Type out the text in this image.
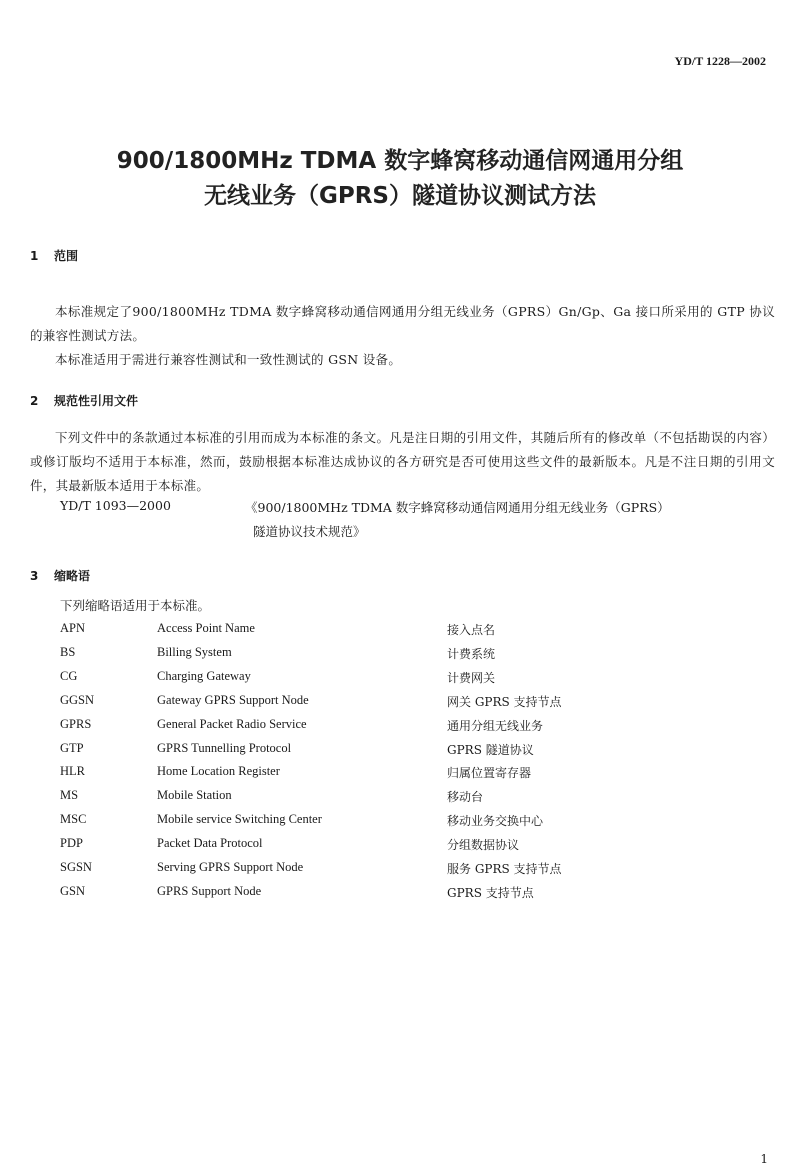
YD/T 1228—2002
900/1800MHz TDMA 数字蜂窝移动通信网通用分组
无线业务（GPRS）隧道协议测试方法
1 范围
本标准规定了900/1800MHz TDMA 数字蜂窝移动通信网通用分组无线业务（GPRS）Gn/Gp、Ga 接口所采用的 GTP 协议的兼容性测试方法。
本标准适用于需进行兼容性测试和一致性测试的 GSN 设备。
2 规范性引用文件
下列文件中的条款通过本标准的引用而成为本标准的条文。凡是注日期的引用文件，其随后所有的修改单（不包括勘误的内容）或修订版均不适用于本标准，然而，鼓励根据本标准达成协议的各方研究是否可使用这些文件的最新版本。凡是不注日期的引用文件，其最新版本适用于本标准。
YD/T 1093—2000	《900/1800MHz TDMA 数字蜂窝移动通信网通用分组无线业务（GPRS）
隧道协议技术规范》
3 缩略语
下列缩略语适用于本标准。
APN	Access Point Name	接入点名
BS	Billing System	计费系统
CG	Charging Gateway	计费网关
GGSN	Gateway GPRS Support Node	网关 GPRS 支持节点
GPRS	General Packet Radio Service	通用分组无线业务
GTP	GPRS Tunnelling Protocol	GPRS 隧道协议
HLR	Home Location Register	归属位置寄存器
MS	Mobile Station	移动台
MSC	Mobile service Switching Center	移动业务交换中心
PDP	Packet Data Protocol	分组数据协议
SGSN	Serving GPRS Support Node	服务 GPRS 支持节点
GSN	GPRS Support Node	GPRS 支持节点
1
